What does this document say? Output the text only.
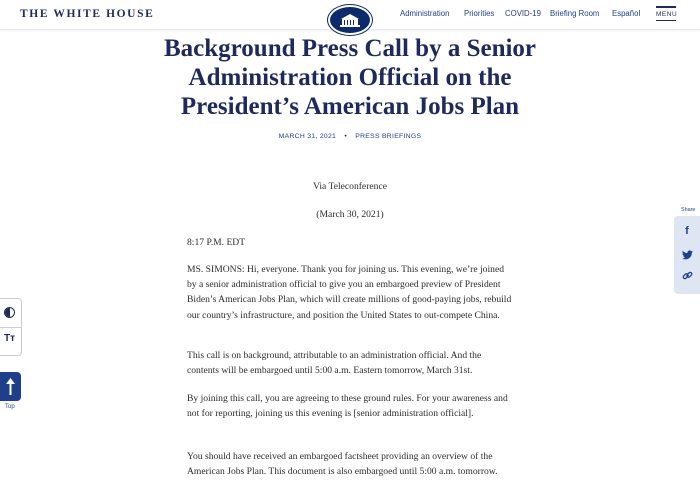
THE WHITE HOUSE	Administration Priorities COVID-19 Briefing Room Español MENU
Background Press Call by a Senior Administration Official on the President’s American Jobs Plan
MARCH 31, 2021 • PRESS BRIEFINGS

Via Teleconference

(March 30, 2021)

8:17 P.M. EDT

MS. SIMONS: Hi, everyone. Thank you for joining us. This evening, we’re joined by a senior administration official to give you an embargoed preview of President Biden’s American Jobs Plan, which will create millions of good-paying jobs, rebuild our country’s infrastructure, and position the United States to out-compete China.

This call is on background, attributable to an administration official. And the contents will be embargoed until 5:00 a.m. Eastern tomorrow, March 31st.

By joining this call, you are agreeing to these ground rules. For your awareness and not for reporting, joining us this evening is [senior administration official].

You should have received an embargoed factsheet providing an overview of the American Jobs Plan. This document is also embargoed until 5:00 a.m. tomorrow.

Tт
Top
Share
f
